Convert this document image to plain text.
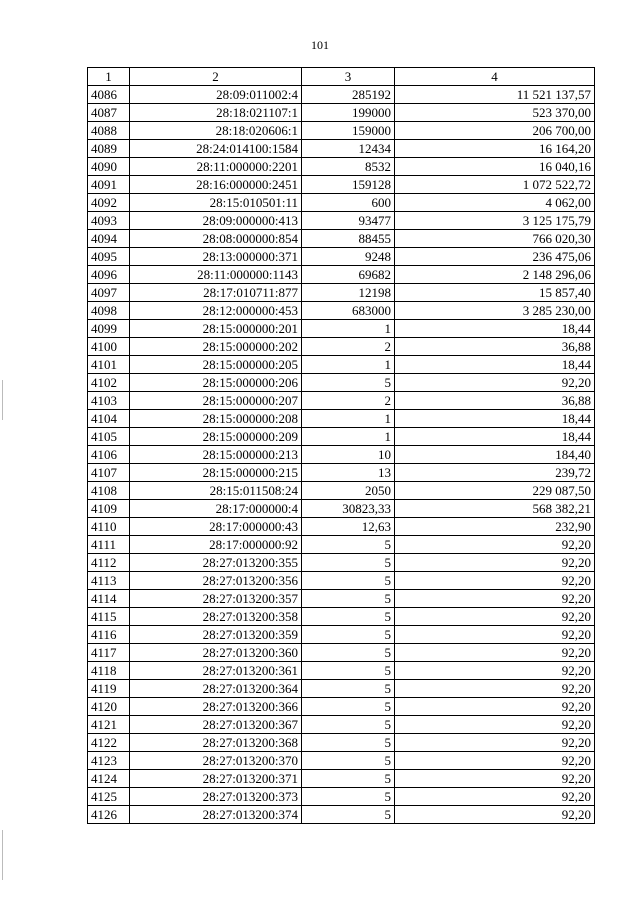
101
1	2	3	4
4086	28:09:011002:4	285192	11 521 137,57
4087	28:18:021107:1	199000	523 370,00
4088	28:18:020606:1	159000	206 700,00
4089	28:24:014100:1584	12434	16 164,20
4090	28:11:000000:2201	8532	16 040,16
4091	28:16:000000:2451	159128	1 072 522,72
4092	28:15:010501:11	600	4 062,00
4093	28:09:000000:413	93477	3 125 175,79
4094	28:08:000000:854	88455	766 020,30
4095	28:13:000000:371	9248	236 475,06
4096	28:11:000000:1143	69682	2 148 296,06
4097	28:17:010711:877	12198	15 857,40
4098	28:12:000000:453	683000	3 285 230,00
4099	28:15:000000:201	1	18,44
4100	28:15:000000:202	2	36,88
4101	28:15:000000:205	1	18,44
4102	28:15:000000:206	5	92,20
4103	28:15:000000:207	2	36,88
4104	28:15:000000:208	1	18,44
4105	28:15:000000:209	1	18,44
4106	28:15:000000:213	10	184,40
4107	28:15:000000:215	13	239,72
4108	28:15:011508:24	2050	229 087,50
4109	28:17:000000:4	30823,33	568 382,21
4110	28:17:000000:43	12,63	232,90
4111	28:17:000000:92	5	92,20
4112	28:27:013200:355	5	92,20
4113	28:27:013200:356	5	92,20
4114	28:27:013200:357	5	92,20
4115	28:27:013200:358	5	92,20
4116	28:27:013200:359	5	92,20
4117	28:27:013200:360	5	92,20
4118	28:27:013200:361	5	92,20
4119	28:27:013200:364	5	92,20
4120	28:27:013200:366	5	92,20
4121	28:27:013200:367	5	92,20
4122	28:27:013200:368	5	92,20
4123	28:27:013200:370	5	92,20
4124	28:27:013200:371	5	92,20
4125	28:27:013200:373	5	92,20
4126	28:27:013200:374	5	92,20
